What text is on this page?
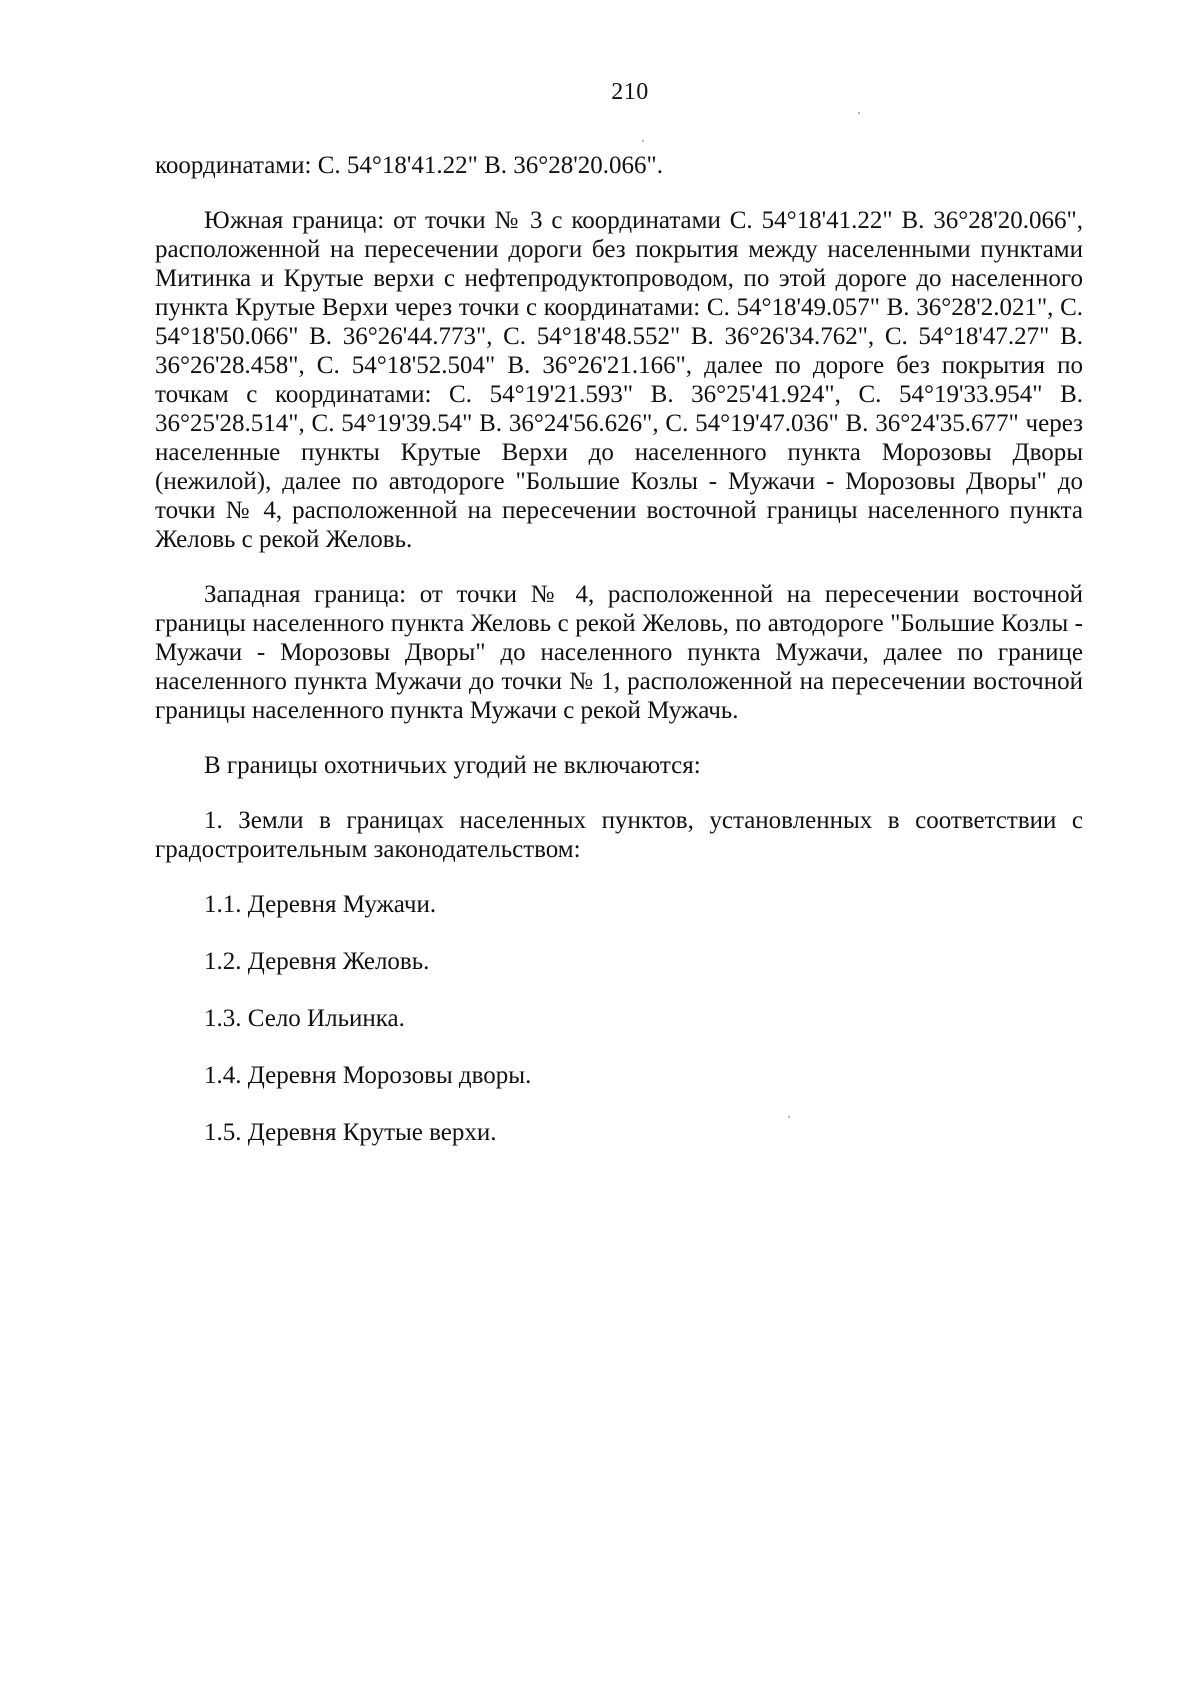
210

координатами: С. 54°18'41.22" В. 36°28'20.066".

Южная граница: от точки № 3 с координатами С. 54°18'41.22" В. 36°28'20.066", расположенной на пересечении дороги без покрытия между населенными пунктами Митинка и Крутые верхи с нефтепродуктопроводом, по этой дороге до населенного пункта Крутые Верхи через точки с координатами: С. 54°18'49.057" В. 36°28'2.021", С. 54°18'50.066" В. 36°26'44.773", С. 54°18'48.552" В. 36°26'34.762", С. 54°18'47.27" В. 36°26'28.458", С. 54°18'52.504" В. 36°26'21.166", далее по дороге без покрытия по точкам с координатами: С. 54°19'21.593" В. 36°25'41.924", С. 54°19'33.954" В. 36°25'28.514", С. 54°19'39.54" В. 36°24'56.626", С. 54°19'47.036" В. 36°24'35.677" через населенные пункты Крутые Верхи до населенного пункта Морозовы Дворы (нежилой), далее по автодороге "Большие Козлы - Мужачи - Морозовы Дворы" до точки № 4, расположенной на пересечении восточной границы населенного пункта Желовь с рекой Желовь.

Западная граница: от точки № 4, расположенной на пересечении восточной границы населенного пункта Желовь с рекой Желовь, по автодороге "Большие Козлы - Мужачи - Морозовы Дворы" до населенного пункта Мужачи, далее по границе населенного пункта Мужачи до точки № 1, расположенной на пересечении восточной границы населенного пункта Мужачи с рекой Мужачь.

В границы охотничьих угодий не включаются:

1. Земли в границах населенных пунктов, установленных в соответствии с градостроительным законодательством:

1.1. Деревня Мужачи.

1.2. Деревня Желовь.

1.3. Село Ильинка.

1.4. Деревня Морозовы дворы.

1.5. Деревня Крутые верхи.
